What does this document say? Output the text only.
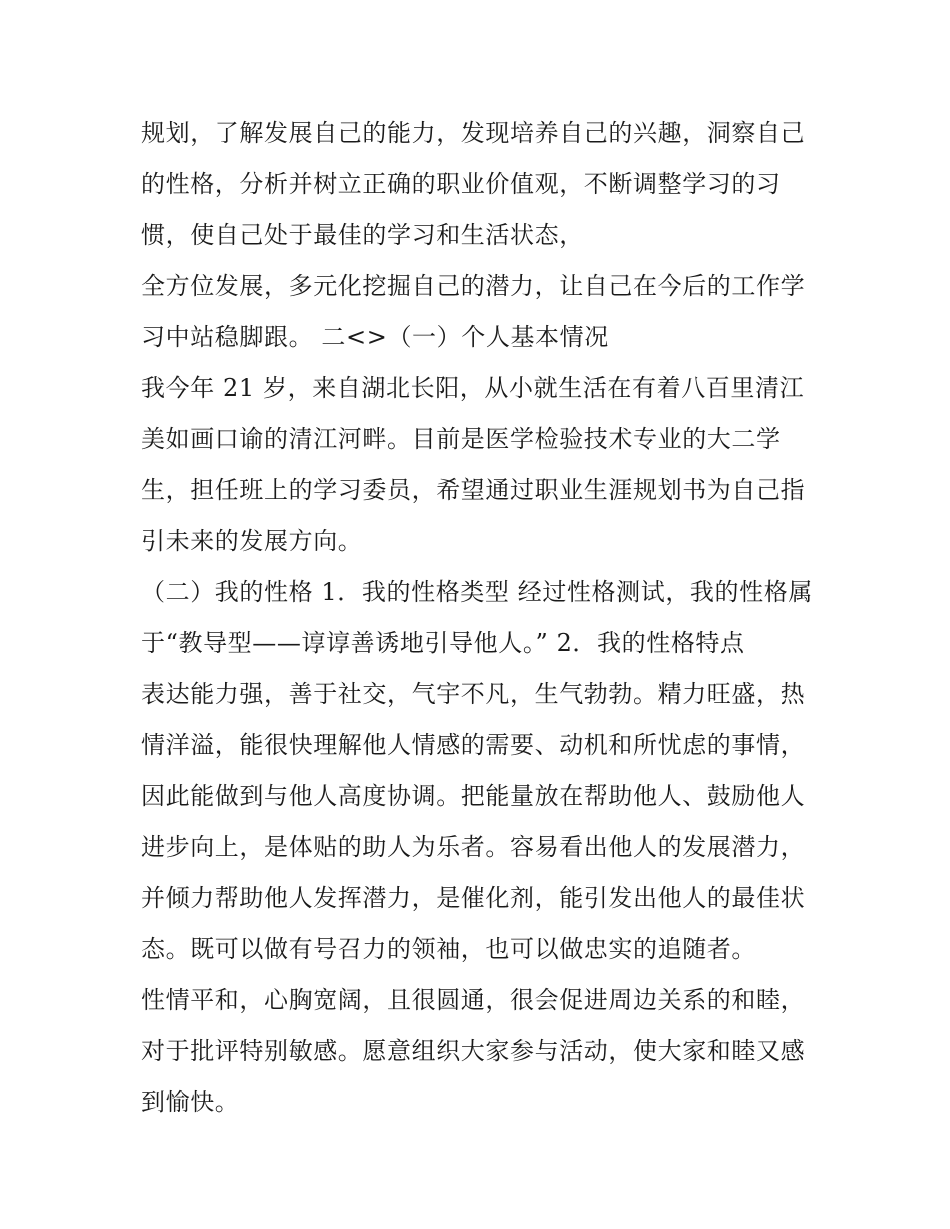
规划，了解发展自己的能力，发现培养自己的兴趣，洞察自己
的性格，分析并树立正确的职业价值观，不断调整学习的习
惯，使自己处于最佳的学习和生活状态，
全方位发展，多元化挖掘自己的潜力，让自己在今后的工作学
习中站稳脚跟。 二<>（一）个人基本情况
我今年 21 岁，来自湖北长阳，从小就生活在有着八百里清江
美如画口谕的清江河畔。目前是医学检验技术专业的大二学
生，担任班上的学习委员，希望通过职业生涯规划书为自己指
引未来的发展方向。
（二）我的性格 1．我的性格类型 经过性格测试，我的性格属
于“教导型——谆谆善诱地引导他人。” 2．我的性格特点
表达能力强，善于社交，气宇不凡，生气勃勃。精力旺盛，热
情洋溢，能很快理解他人情感的需要、动机和所忧虑的事情，
因此能做到与他人高度协调。把能量放在帮助他人、鼓励他人
进步向上，是体贴的助人为乐者。容易看出他人的发展潜力，
并倾力帮助他人发挥潜力，是催化剂，能引发出他人的最佳状
态。既可以做有号召力的领袖，也可以做忠实的追随者。
性情平和，心胸宽阔，且很圆通，很会促进周边关系的和睦，
对于批评特别敏感。愿意组织大家参与活动，使大家和睦又感
到愉快。
